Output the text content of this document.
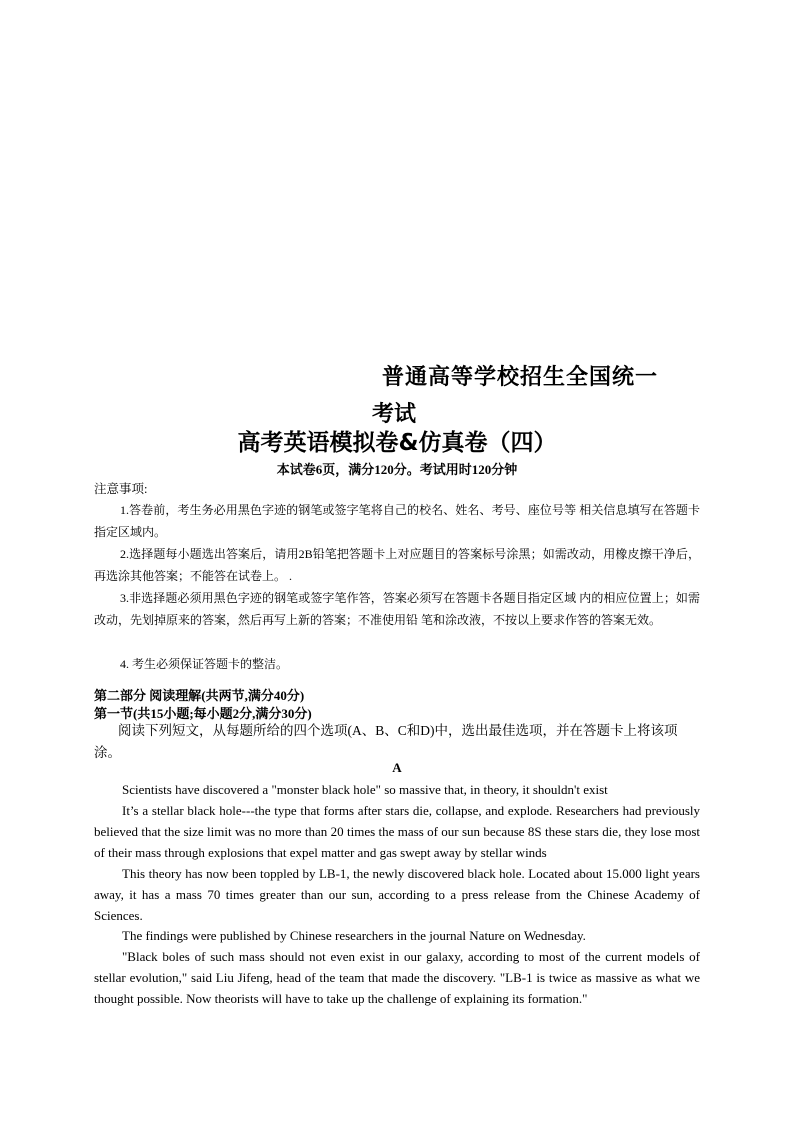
普通高等学校招生全国统一
考试
高考英语模拟卷&仿真卷（四）
本试卷6页，满分120分。考试用时120分钟
注意事项:
1.答卷前，考生务必用黑色字迹的钢笔或签字笔将自己的校名、姓名、考号、座位号等 相关信息填写在答题卡指定区域内。
2.选择题每小题选出答案后，请用2B铅笔把答题卡上对应题目的答案标号涂黑；如需改动，用橡皮擦干净后，再选涂其他答案；不能答在试卷上。 .
3.非选择题必须用黑色字迹的钢笔或签字笔作答，答案必须写在答题卡各题目指定区域 内的相应位置上；如需改动，先划掉原来的答案，然后再写上新的答案；不准使用铅 笔和涂改液，不按以上要求作答的答案无效。
4. 考生必须保证答题卡的整洁。
第二部分 阅读理解(共两节,满分40分)
第一节(共15小题;每小题2分,满分30分)
阅读下列短文，从每题所给的四个选项(A、B、C和D)中，选出最佳选项，并在答题卡上将该项涂。
A
Scientists have discovered a "monster black hole" so massive that, in theory, it shouldn't exist
It’s a stellar black hole---the type that forms after stars die, collapse, and explode. Researchers had previously believed that the size limit was no more than 20 times the mass of our sun because 8S these stars die, they lose most of their mass through explosions that expel matter and gas swept away by stellar winds
This theory has now been toppled by LB-1, the newly discovered black hole. Located about 15.000 light years away, it has a mass 70 times greater than our sun, according to a press release from the Chinese Academy of Sciences.
The findings were published by Chinese researchers in the journal Nature on Wednesday.
"Black boles of such mass should not even exist in our galaxy, according to most of the current models of stellar evolution," said Liu Jifeng, head of the team that made the discovery. "LB-1 is twice as massive as what we thought possible. Now theorists will have to take up the challenge of explaining its formation."
